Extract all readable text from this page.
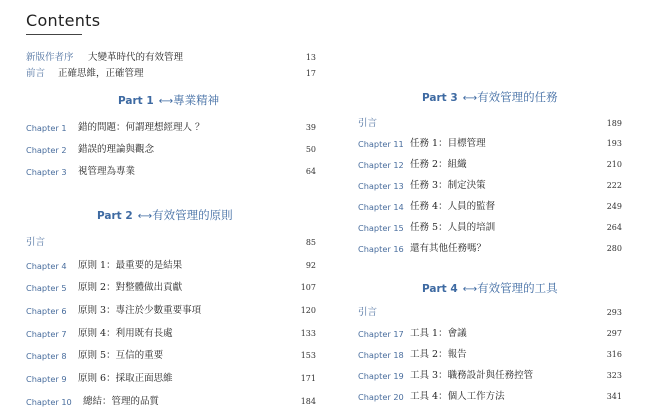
Contents
新版作者序 大變革時代的有效管理	13
前言 正確思維，正確管理	17
Part 1 ⟷專業精神
Chapter 1 錯的問題：何謂理想經理人 ？	39
Chapter 2 錯誤的理論與觀念	50
Chapter 3 視管理為專業	64
Part 2 ⟷有效管理的原則
引言	85
Chapter 4 原則 1：最重要的是結果	92
Chapter 5 原則 2：對整體做出貢獻	107
Chapter 6 原則 3：專注於少數重要事項	120
Chapter 7 原則 4：利用既有長處	133
Chapter 8 原則 5：互信的重要	153
Chapter 9 原則 6：採取正面思維	171
Chapter 10 總結：管理的品質	184
Part 3 ⟷有效管理的任務
引言	189
Chapter 11 任務 1：目標管理	193
Chapter 12 任務 2：組織	210
Chapter 13 任務 3：制定決策	222
Chapter 14 任務 4：人員的監督	249
Chapter 15 任務 5：人員的培訓	264
Chapter 16 還有其他任務嗎？	280
Part 4 ⟷有效管理的工具
引言	293
Chapter 17 工具 1：會議	297
Chapter 18 工具 2：報告	316
Chapter 19 工具 3：職務設計與任務控管	323
Chapter 20 工具 4：個人工作方法	341
